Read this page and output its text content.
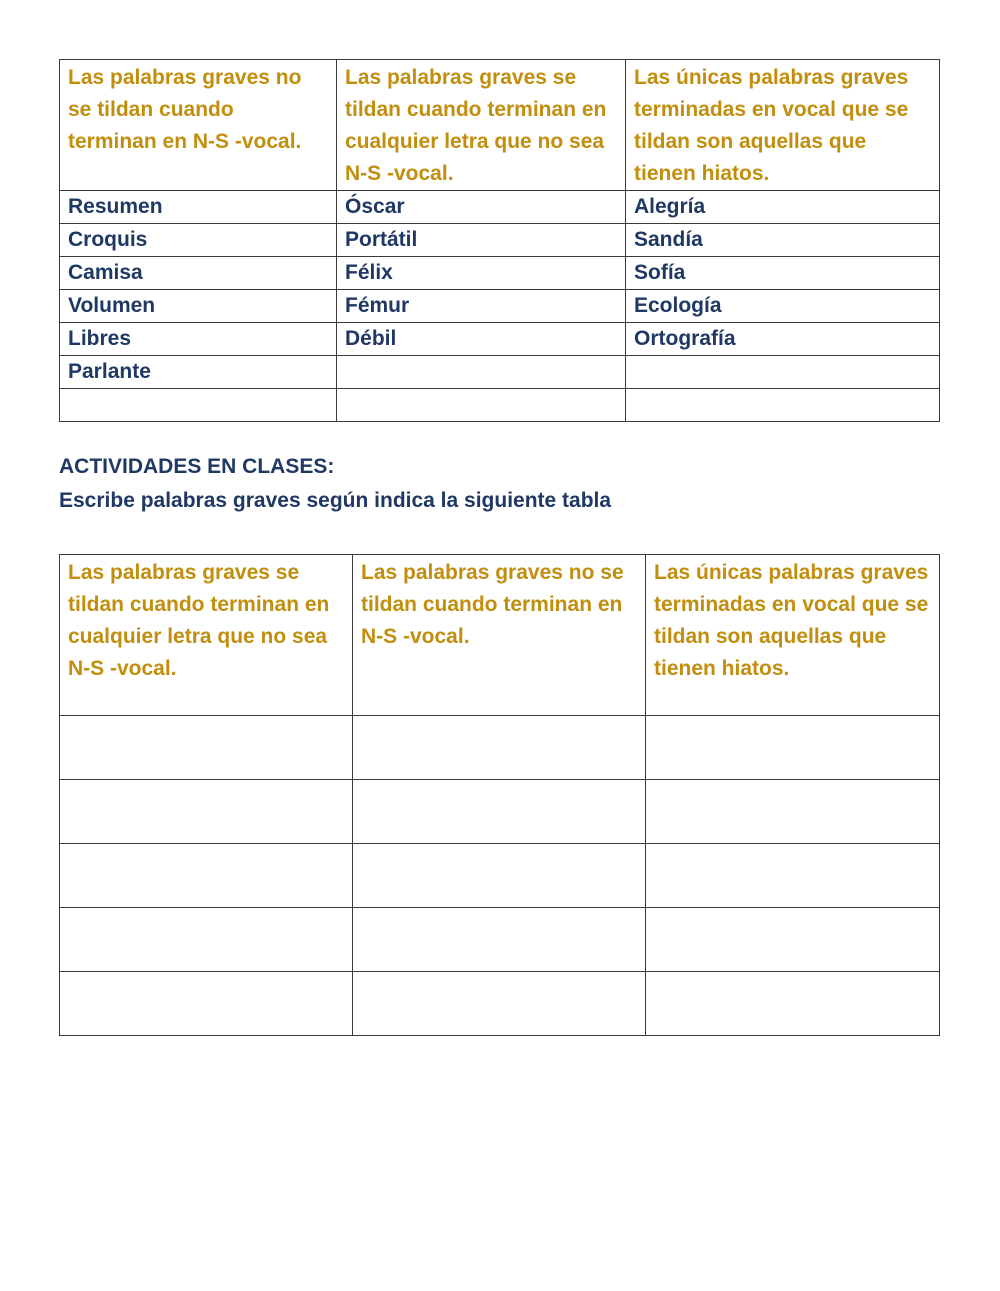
Las palabras graves no se tildan cuando terminan en N-S -vocal.	Las palabras graves se tildan cuando terminan en cualquier letra que no sea N-S -vocal.	Las únicas palabras graves terminadas en vocal que se tildan son aquellas que tienen hiatos.
Resumen	Óscar	Alegría
Croquis	Portátil	Sandía
Camisa	Félix	Sofía
Volumen	Fémur	Ecología
Libres	Débil	Ortografía
Parlante		

ACTIVIDADES EN CLASES:
Escribe palabras graves según indica la siguiente tabla
Las palabras graves se tildan cuando terminan en cualquier letra que no sea N-S -vocal.	Las palabras graves no se tildan cuando terminan en N-S -vocal.	Las únicas palabras graves terminadas en vocal que se tildan son aquellas que tienen hiatos.
